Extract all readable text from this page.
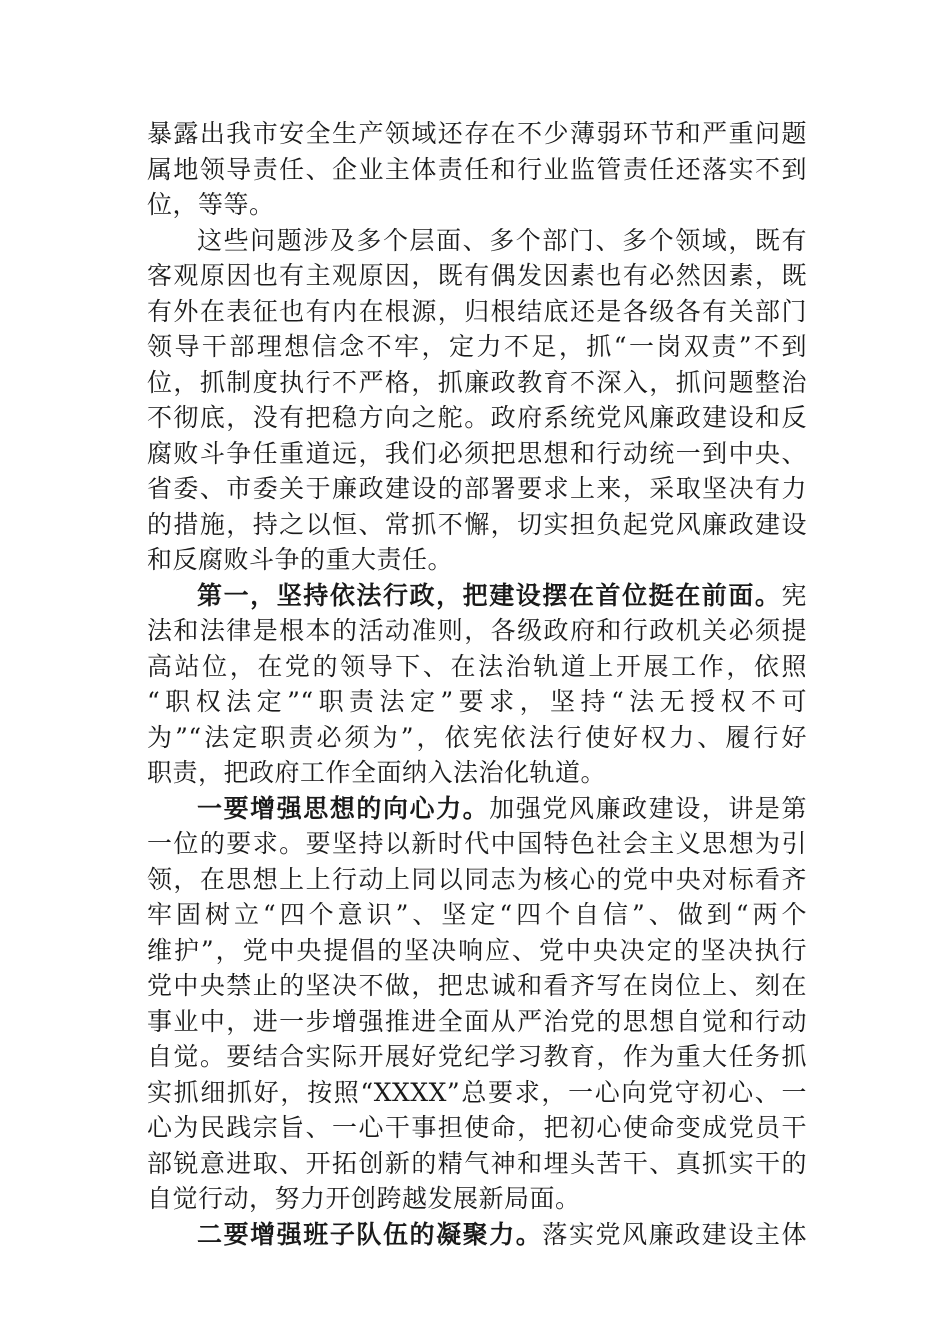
暴露出我市安全生产领域还存在不少薄弱环节和严重问题
属地领导责任、企业主体责任和行业监管责任还落实不到
位，等等。
这些问题涉及多个层面、多个部门、多个领域，既有
客观原因也有主观原因，既有偶发因素也有必然因素，既
有外在表征也有内在根源，归根结底还是各级各有关部门
领导干部理想信念不牢，定力不足，抓“一岗双责”不到
位，抓制度执行不严格，抓廉政教育不深入，抓问题整治
不彻底，没有把稳方向之舵。政府系统党风廉政建设和反
腐败斗争任重道远，我们必须把思想和行动统一到中央、
省委、市委关于廉政建设的部署要求上来，采取坚决有力
的措施，持之以恒、常抓不懈，切实担负起党风廉政建设
和反腐败斗争的重大责任。
第一，坚持依法行政，把建设摆在首位挺在前面。宪
法和法律是根本的活动准则，各级政府和行政机关必须提
高站位，在党的领导下、在法治轨道上开展工作，依照
“职权法定”“职责法定”要求，坚持“法无授权不可
为”“法定职责必须为”，依宪依法行使好权力、履行好
职责，把政府工作全面纳入法治化轨道。
一要增强思想的向心力。加强党风廉政建设，讲是第
一位的要求。要坚持以新时代中国特色社会主义思想为引
领，在思想上上行动上同以同志为核心的党中央对标看齐
牢固树立“四个意识”、坚定“四个自信”、做到“两个
维护”，党中央提倡的坚决响应、党中央决定的坚决执行
党中央禁止的坚决不做，把忠诚和看齐写在岗位上、刻在
事业中，进一步增强推进全面从严治党的思想自觉和行动
自觉。要结合实际开展好党纪学习教育，作为重大任务抓
实抓细抓好，按照“XXXX”总要求，一心向党守初心、一
心为民践宗旨、一心干事担使命，把初心使命变成党员干
部锐意进取、开拓创新的精气神和埋头苦干、真抓实干的
自觉行动，努力开创跨越发展新局面。
二要增强班子队伍的凝聚力。落实党风廉政建设主体
